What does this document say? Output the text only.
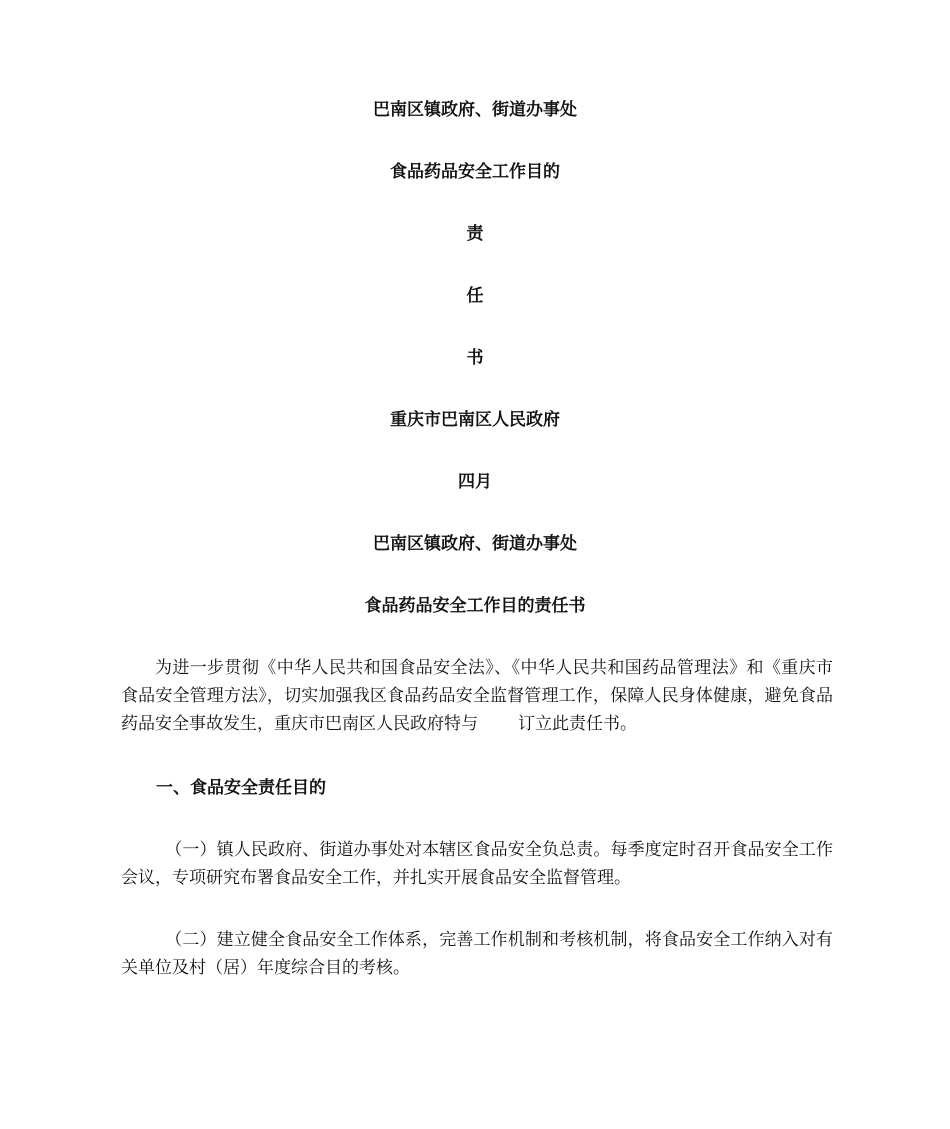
巴南区镇政府、街道办事处
食品药品安全工作目的
责
任
书
重庆市巴南区人民政府
四月
巴南区镇政府、街道办事处
食品药品安全工作目的责任书
为进一步贯彻《中华人民共和国食品安全法》、《中华人民共和国药品管理法》和《重庆市食品安全管理方法》，切实加强我区食品药品安全监督管理工作，保障人民身体健康，避免食品药品安全事故发生，重庆市巴南区人民政府特与 订立此责任书。
一、食品安全责任目的
（一）镇人民政府、街道办事处对本辖区食品安全负总责。每季度定时召开食品安全工作会议，专项研究布署食品安全工作，并扎实开展食品安全监督管理。
（二）建立健全食品安全工作体系，完善工作机制和考核机制，将食品安全工作纳入对有关单位及村（居）年度综合目的考核。
